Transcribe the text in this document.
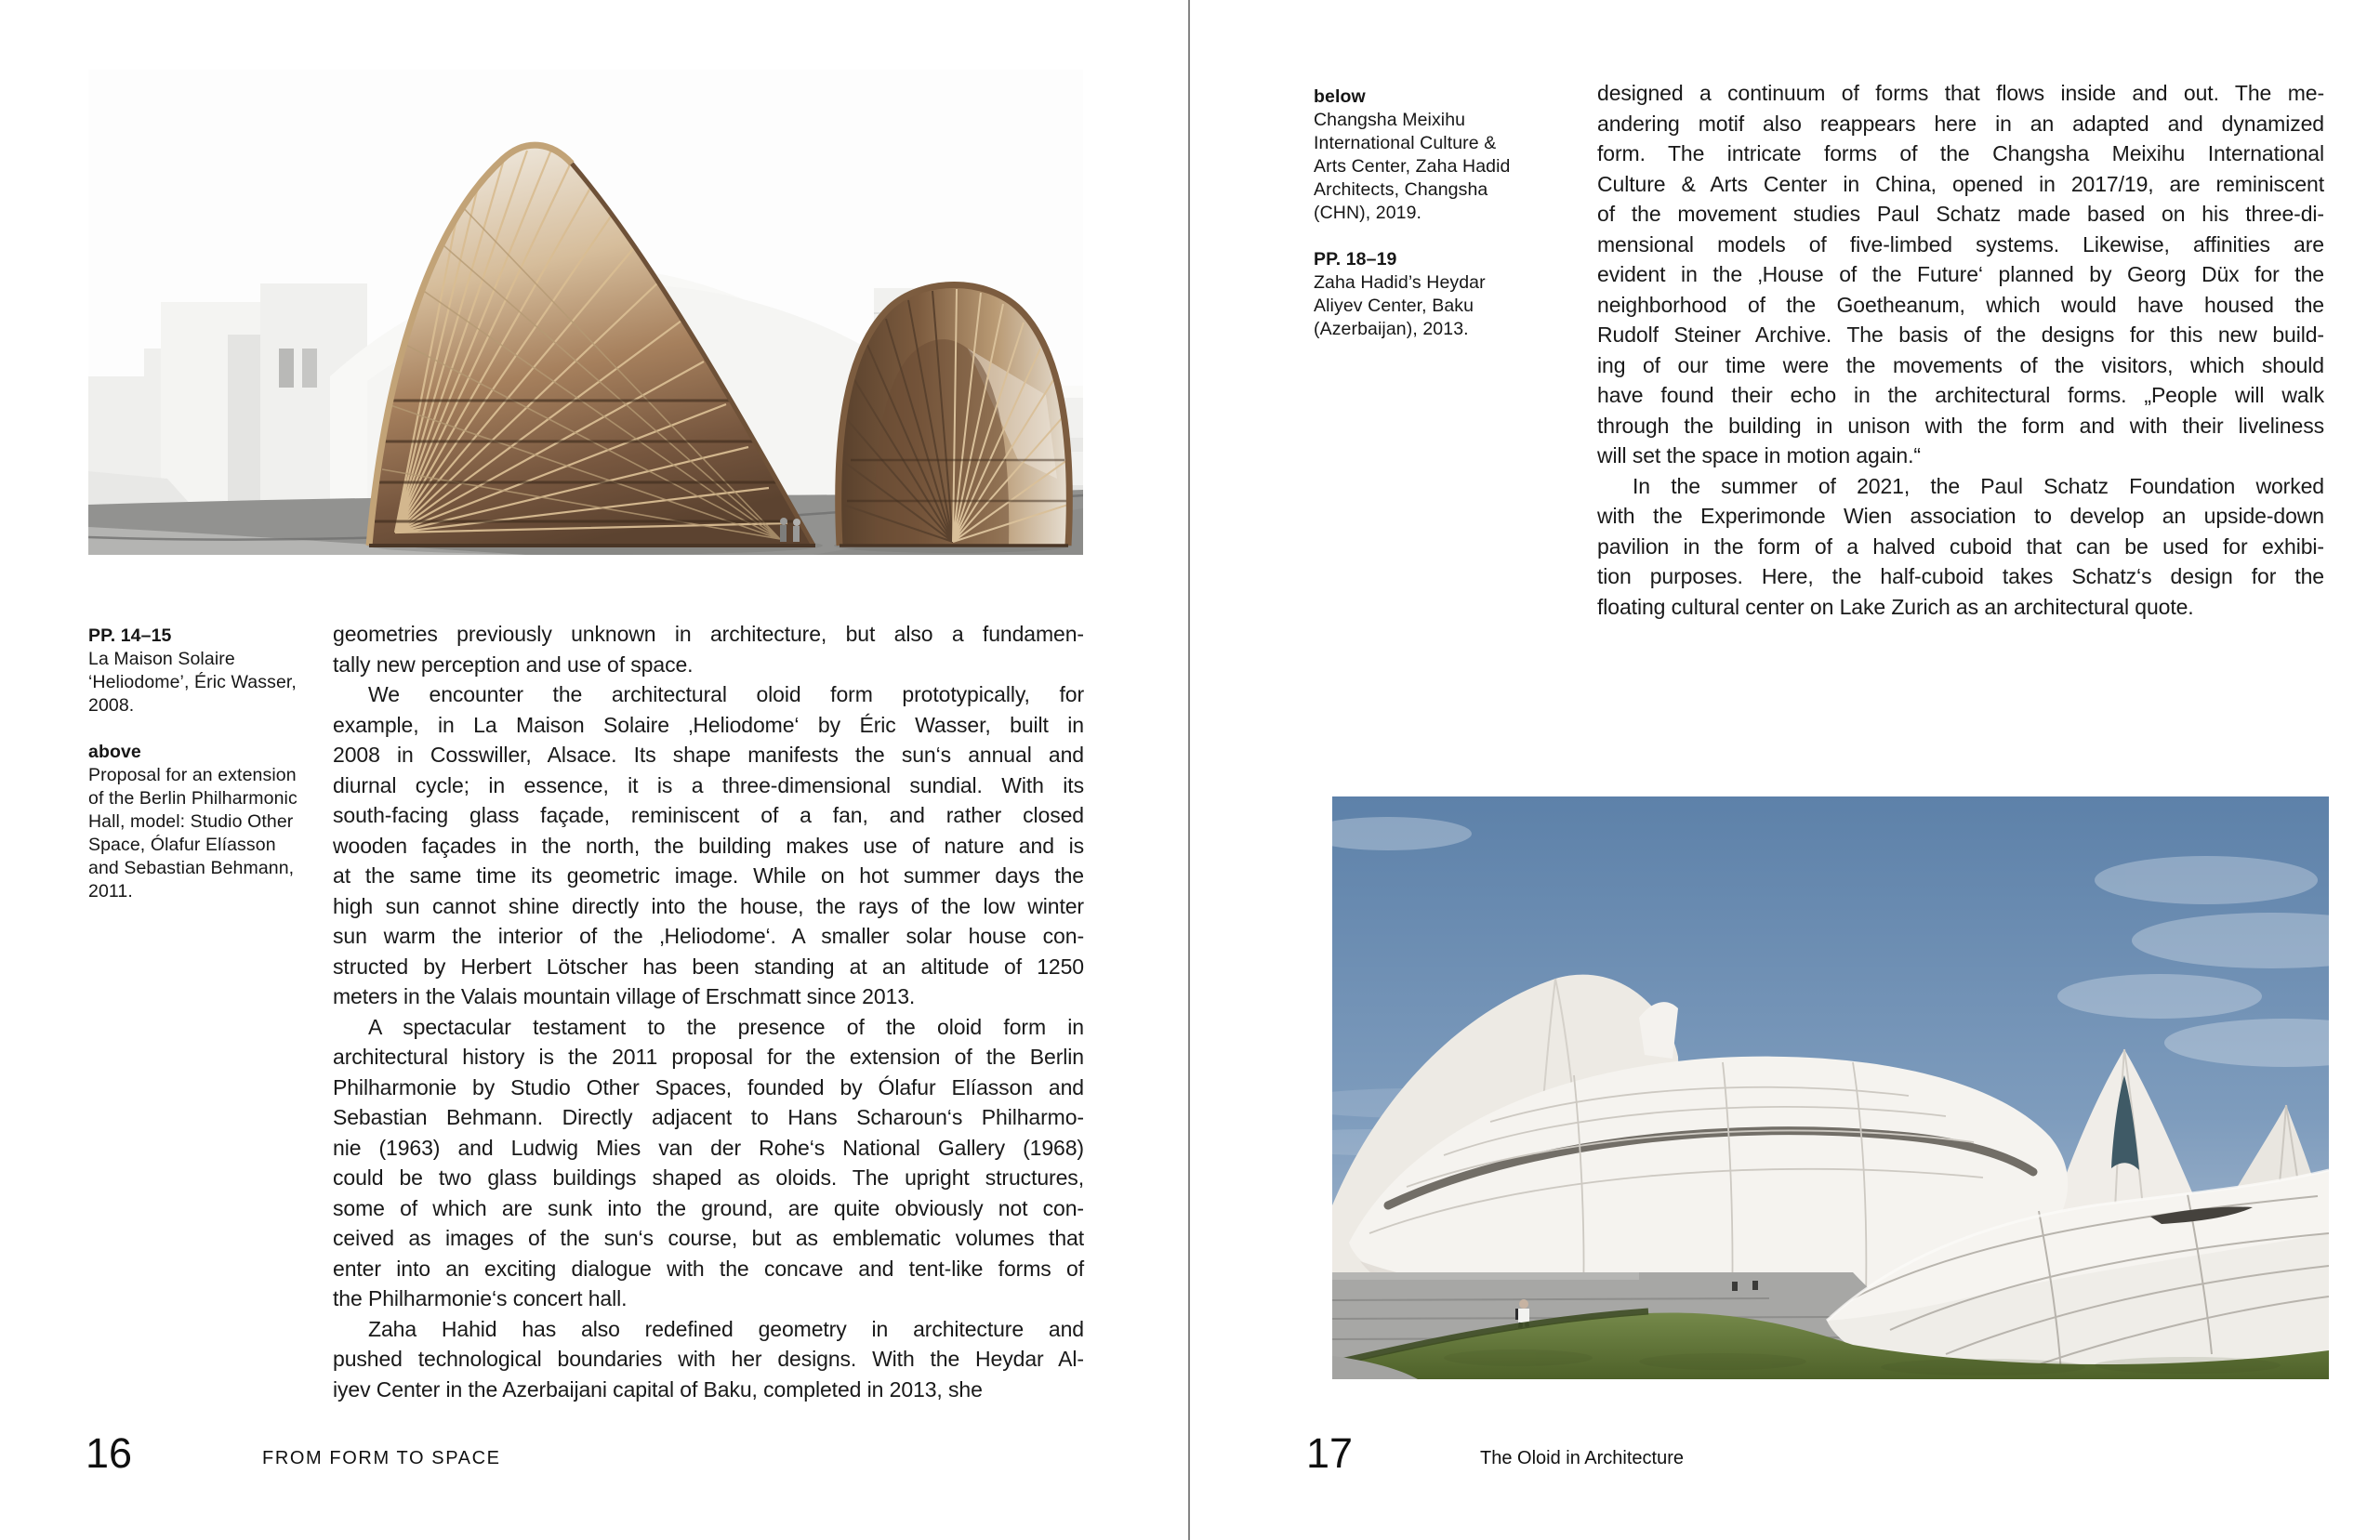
PP. 14–15
La Maison Solaire
‘Heliodome’, Éric Wasser,
2008.
above
Proposal for an extension
of the Berlin Philharmonic
Hall, model: Studio Other
Space, Ólafur Elíasson
and Sebastian Behmann,
2011.
geometries previously unknown in architecture, but also a fundamen-
tally new perception and use of space.
We encounter the architectural oloid form prototypically, for
example, in La Maison Solaire ‚Heliodome‘ by Éric Wasser, built in
2008 in Cosswiller, Alsace. Its shape manifests the sun‘s annual and
diurnal cycle; in essence, it is a three-dimensional sundial. With its
south-facing glass façade, reminiscent of a fan, and rather closed
wooden façades in the north, the building makes use of nature and is
at the same time its geometric image. While on hot summer days the
high sun cannot shine directly into the house, the rays of the low winter
sun warm the interior of the ‚Heliodome‘. A smaller solar house con-
structed by Herbert Lötscher has been standing at an altitude of 1250
meters in the Valais mountain village of Erschmatt since 2013.
A spectacular testament to the presence of the oloid form in
architectural history is the 2011 proposal for the extension of the Berlin
Philharmonie by Studio Other Spaces, founded by Ólafur Elíasson and
Sebastian Behmann. Directly adjacent to Hans Scharoun‘s Philharmo-
nie (1963) and Ludwig Mies van der Rohe‘s National Gallery (1968)
could be two glass buildings shaped as oloids. The upright structures,
some of which are sunk into the ground, are quite obviously not con-
ceived as images of the sun‘s course, but as emblematic volumes that
enter into an exciting dialogue with the concave and tent-like forms of
the Philharmonie‘s concert hall.
Zaha Hahid has also redefined geometry in architecture and
pushed technological boundaries with her designs. With the Heydar Al-
iyev Center in the Azerbaijani capital of Baku, completed in 2013, she
16	FROM FORM TO SPACE
below
Changsha Meixihu
International Culture &
Arts Center, Zaha Hadid
Architects, Changsha
(CHN), 2019.
PP. 18–19
Zaha Hadid’s Heydar
Aliyev Center, Baku
(Azerbaijan), 2013.
designed a continuum of forms that flows inside and out. The me-
andering motif also reappears here in an adapted and dynamized
form. The intricate forms of the Changsha Meixihu International
Culture & Arts Center in China, opened in 2017/19, are reminiscent
of the movement studies Paul Schatz made based on his three-di-
mensional models of five-limbed systems. Likewise, affinities are
evident in the ‚House of the Future‘ planned by Georg Düx for the
neighborhood of the Goetheanum, which would have housed the
Rudolf Steiner Archive. The basis of the designs for this new build-
ing of our time were the movements of the visitors, which should
have found their echo in the architectural forms. „People will walk
through the building in unison with the form and with their liveliness
will set the space in motion again.“
In the summer of 2021, the Paul Schatz Foundation worked
with the Experimonde Wien association to develop an upside-down
pavilion in the form of a halved cuboid that can be used for exhibi-
tion purposes. Here, the half-cuboid takes Schatz‘s design for the
floating cultural center on Lake Zurich as an architectural quote.
17	The Oloid in Architecture
